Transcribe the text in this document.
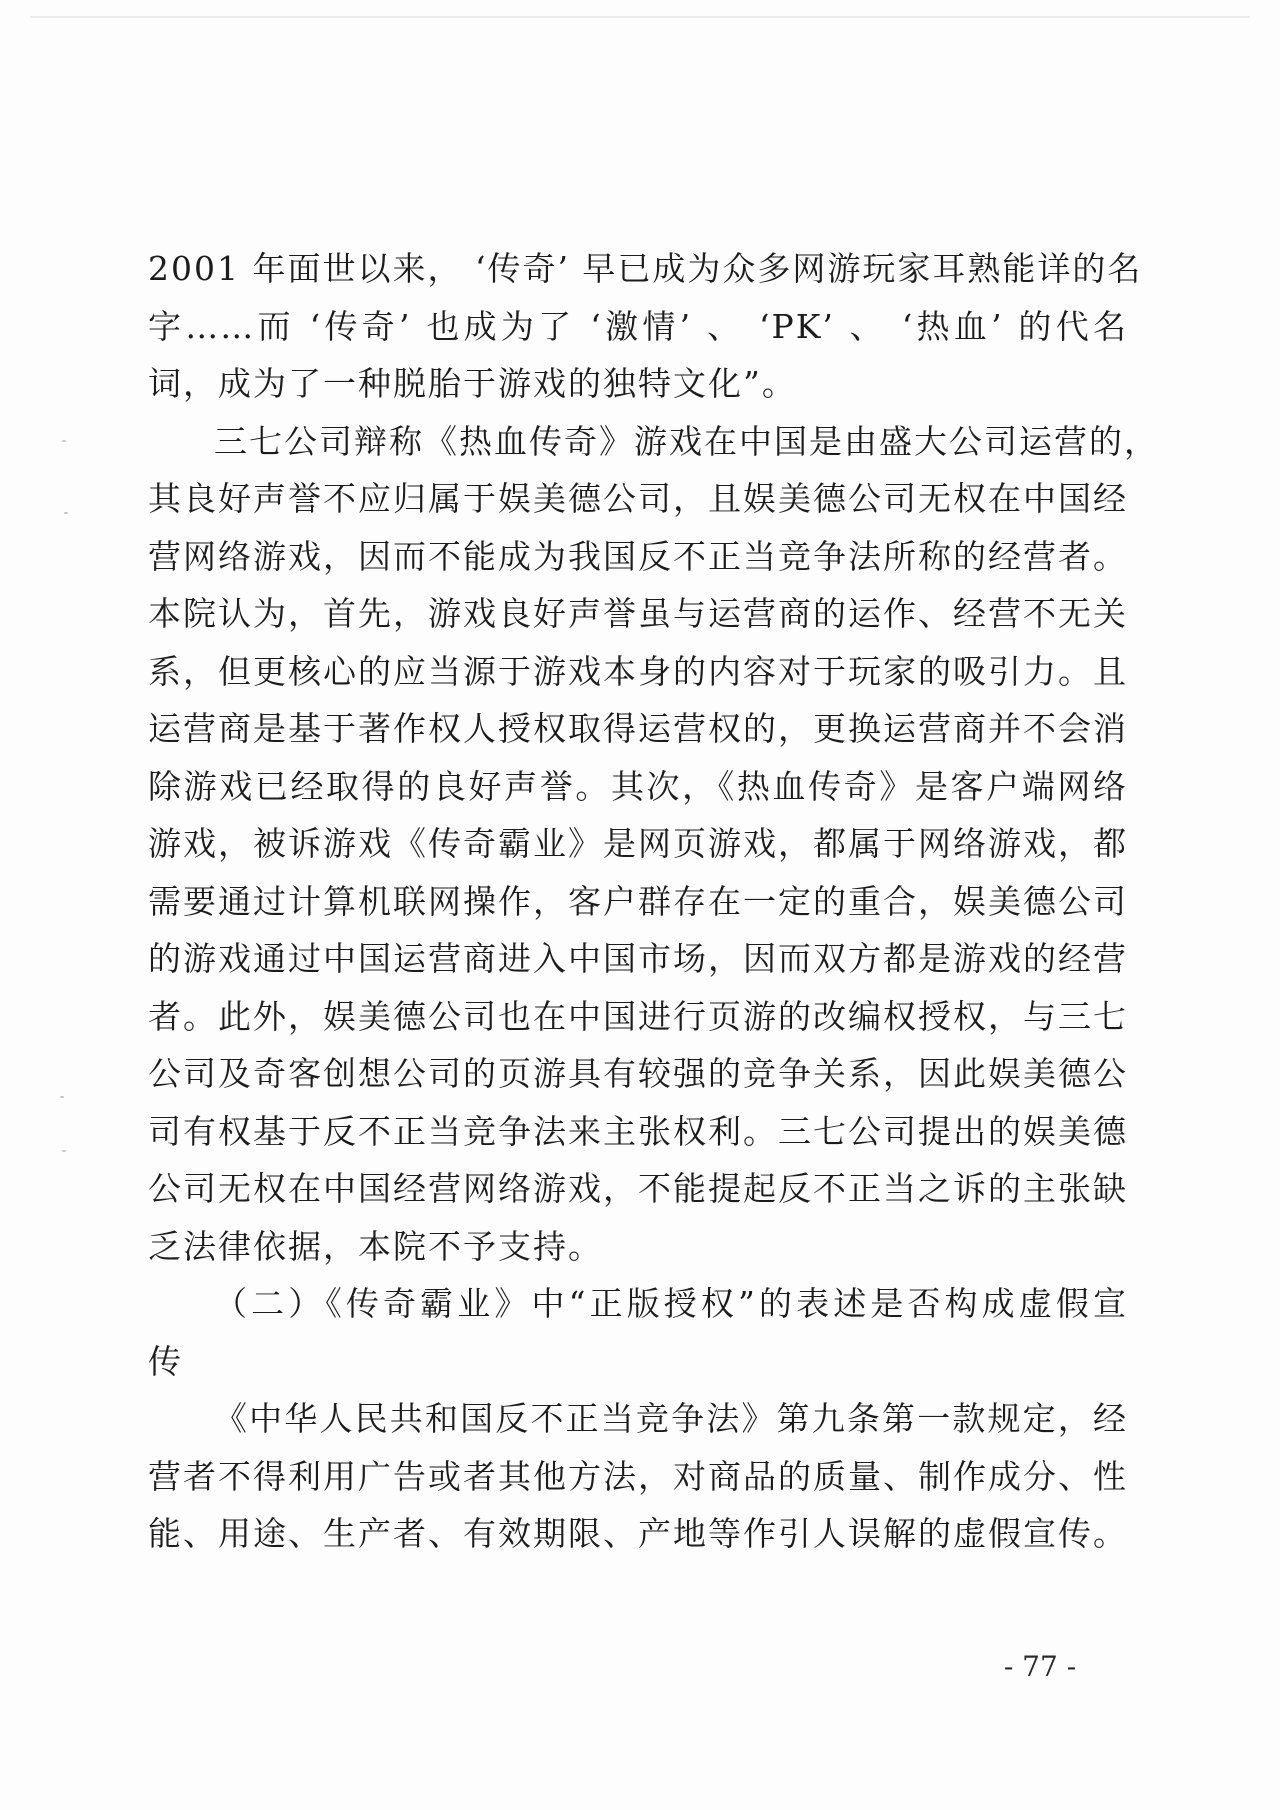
2001 年面世以来， ‘传奇’ 早已成为众多网游玩家耳熟能详的名
字……而 ‘传奇’ 也成为了 ‘激情’ 、 ‘PK’ 、 ‘热血’ 的代名
词，成为了一种脱胎于游戏的独特文化”。
三七公司辩称《热血传奇》游戏在中国是由盛大公司运营的，
其良好声誉不应归属于娱美德公司，且娱美德公司无权在中国经
营网络游戏，因而不能成为我国反不正当竞争法所称的经营者。
本院认为，首先，游戏良好声誉虽与运营商的运作、经营不无关
系，但更核心的应当源于游戏本身的内容对于玩家的吸引力。且
运营商是基于著作权人授权取得运营权的，更换运营商并不会消
除游戏已经取得的良好声誉。其次，《热血传奇》是客户端网络
游戏，被诉游戏《传奇霸业》是网页游戏，都属于网络游戏，都
需要通过计算机联网操作，客户群存在一定的重合，娱美德公司
的游戏通过中国运营商进入中国市场，因而双方都是游戏的经营
者。此外，娱美德公司也在中国进行页游的改编权授权，与三七
公司及奇客创想公司的页游具有较强的竞争关系，因此娱美德公
司有权基于反不正当竞争法来主张权利。三七公司提出的娱美德
公司无权在中国经营网络游戏，不能提起反不正当之诉的主张缺
乏法律依据，本院不予支持。
（二）《传奇霸业》中“正版授权”的表述是否构成虚假宣
传
《中华人民共和国反不正当竞争法》第九条第一款规定，经
营者不得利用广告或者其他方法，对商品的质量、制作成分、性
能、用途、生产者、有效期限、产地等作引人误解的虚假宣传。
- 77 -
